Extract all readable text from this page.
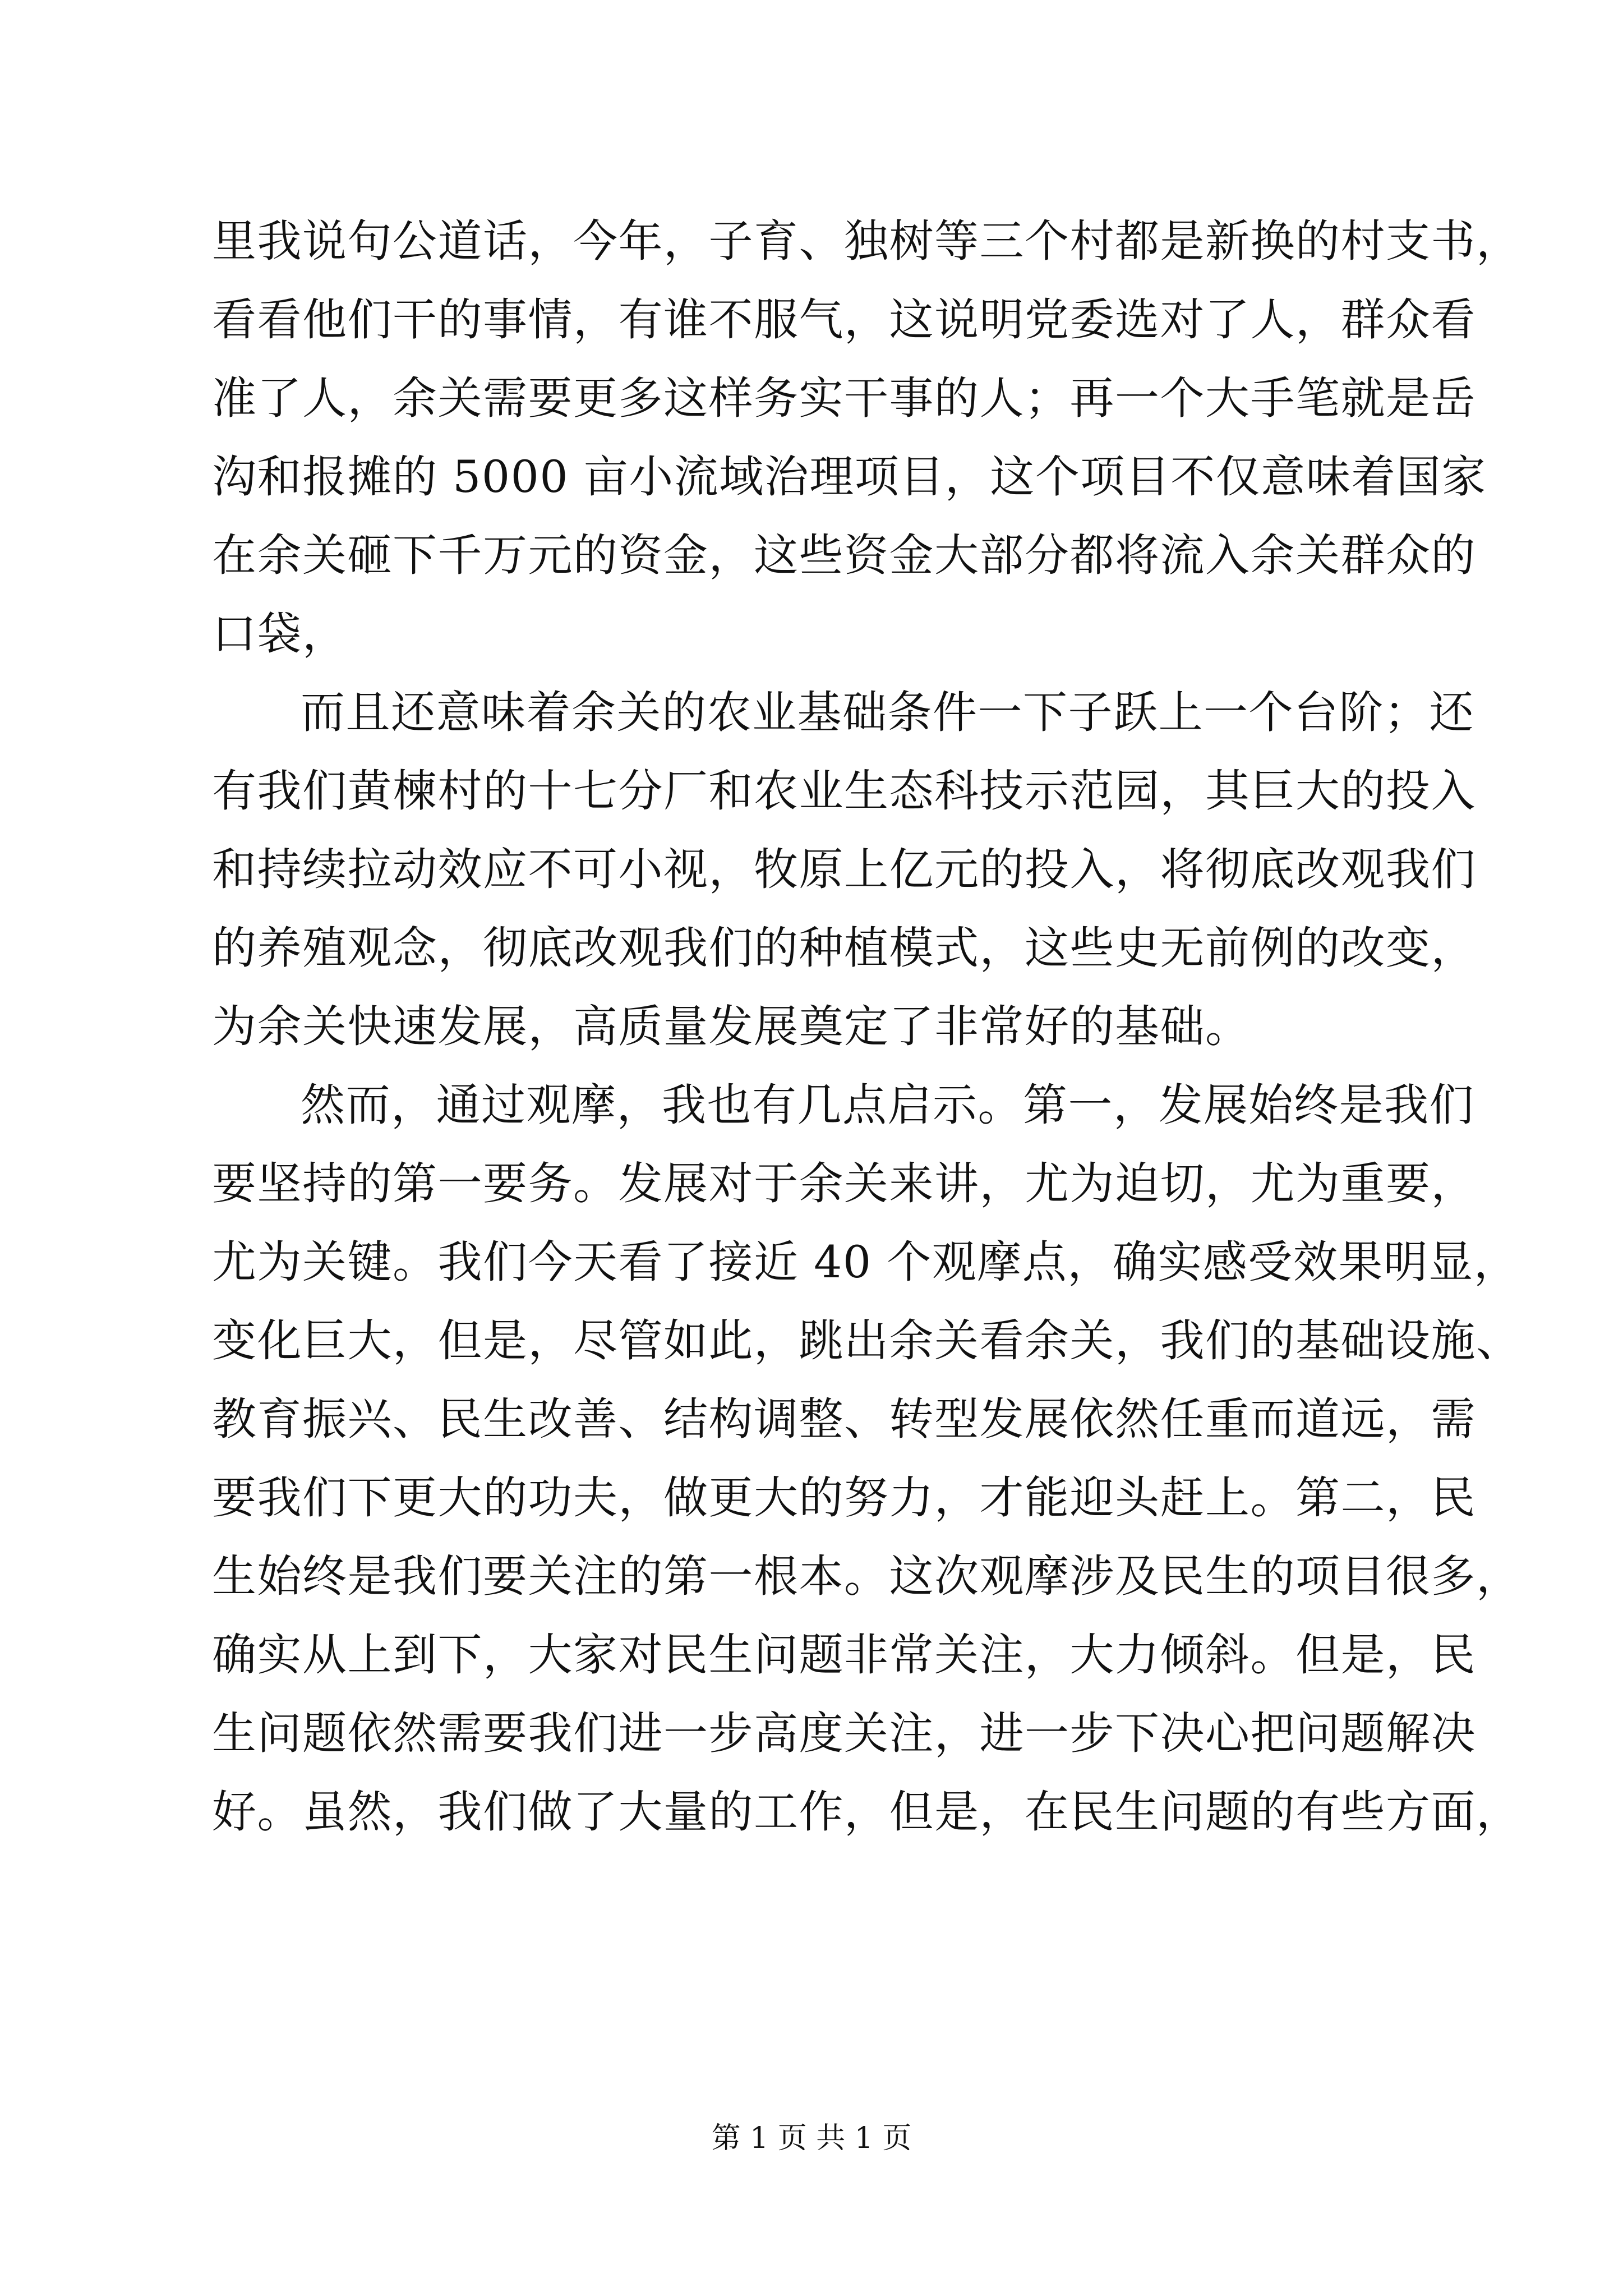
里我说句公道话，今年，子育、独树等三个村都是新换的村支书，
看看他们干的事情，有谁不服气，这说明党委选对了人，群众看
准了人，余关需要更多这样务实干事的人；再一个大手笔就是岳
沟和报摊的 5000 亩小流域治理项目，这个项目不仅意味着国家
在余关砸下千万元的资金，这些资金大部分都将流入余关群众的
口袋，
而且还意味着余关的农业基础条件一下子跃上一个台阶；还
有我们黄楝村的十七分厂和农业生态科技示范园，其巨大的投入
和持续拉动效应不可小视，牧原上亿元的投入，将彻底改观我们
的养殖观念，彻底改观我们的种植模式，这些史无前例的改变，
为余关快速发展，高质量发展奠定了非常好的基础。
然而，通过观摩，我也有几点启示。第一，发展始终是我们
要坚持的第一要务。发展对于余关来讲，尤为迫切，尤为重要，
尤为关键。我们今天看了接近 40 个观摩点，确实感受效果明显，
变化巨大，但是，尽管如此，跳出余关看余关，我们的基础设施、
教育振兴、民生改善、结构调整、转型发展依然任重而道远，需
要我们下更大的功夫，做更大的努力，才能迎头赶上。第二，民
生始终是我们要关注的第一根本。这次观摩涉及民生的项目很多，
确实从上到下，大家对民生问题非常关注，大力倾斜。但是，民
生问题依然需要我们进一步高度关注，进一步下决心把问题解决
好。虽然，我们做了大量的工作，但是，在民生问题的有些方面，
第 1 页 共 1 页
